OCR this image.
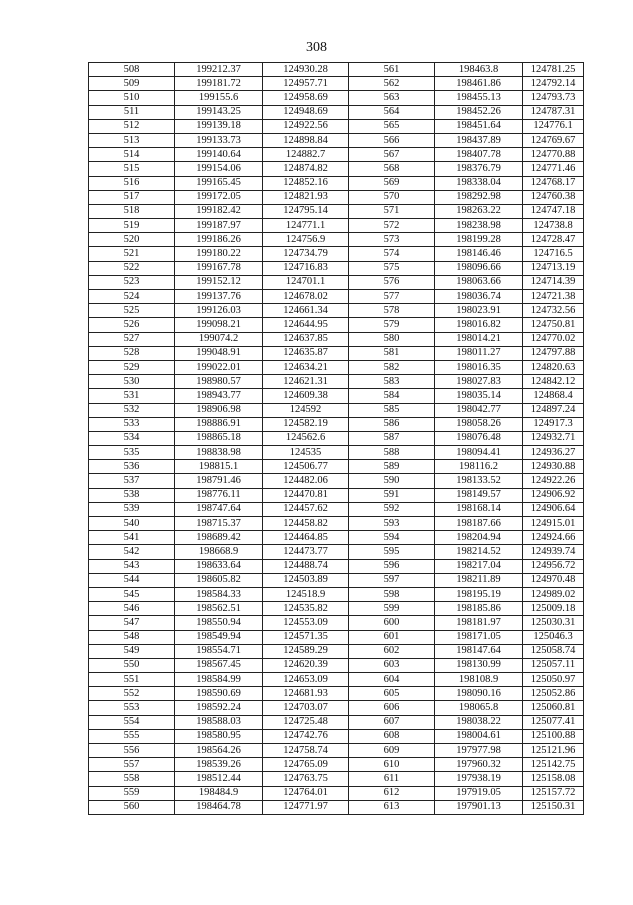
308
508	199212.37	124930.28	561	198463.8	124781.25
509	199181.72	124957.71	562	198461.86	124792.14
510	199155.6	124958.69	563	198455.13	124793.73
511	199143.25	124948.69	564	198452.26	124787.31
512	199139.18	124922.56	565	198451.64	124776.1
513	199133.73	124898.84	566	198437.89	124769.67
514	199140.64	124882.7	567	198407.78	124770.88
515	199154.06	124874.82	568	198376.79	124771.46
516	199165.45	124852.16	569	198338.04	124768.17
517	199172.05	124821.93	570	198292.98	124760.38
518	199182.42	124795.14	571	198263.22	124747.18
519	199187.97	124771.1	572	198238.98	124738.8
520	199186.26	124756.9	573	198199.28	124728.47
521	199180.22	124734.79	574	198146.46	124716.5
522	199167.78	124716.83	575	198096.66	124713.19
523	199152.12	124701.1	576	198063.66	124714.39
524	199137.76	124678.02	577	198036.74	124721.38
525	199126.03	124661.34	578	198023.91	124732.56
526	199098.21	124644.95	579	198016.82	124750.81
527	199074.2	124637.85	580	198014.21	124770.02
528	199048.91	124635.87	581	198011.27	124797.88
529	199022.01	124634.21	582	198016.35	124820.63
530	198980.57	124621.31	583	198027.83	124842.12
531	198943.77	124609.38	584	198035.14	124868.4
532	198906.98	124592	585	198042.77	124897.24
533	198886.91	124582.19	586	198058.26	124917.3
534	198865.18	124562.6	587	198076.48	124932.71
535	198838.98	124535	588	198094.41	124936.27
536	198815.1	124506.77	589	198116.2	124930.88
537	198791.46	124482.06	590	198133.52	124922.26
538	198776.11	124470.81	591	198149.57	124906.92
539	198747.64	124457.62	592	198168.14	124906.64
540	198715.37	124458.82	593	198187.66	124915.01
541	198689.42	124464.85	594	198204.94	124924.66
542	198668.9	124473.77	595	198214.52	124939.74
543	198633.64	124488.74	596	198217.04	124956.72
544	198605.82	124503.89	597	198211.89	124970.48
545	198584.33	124518.9	598	198195.19	124989.02
546	198562.51	124535.82	599	198185.86	125009.18
547	198550.94	124553.09	600	198181.97	125030.31
548	198549.94	124571.35	601	198171.05	125046.3
549	198554.71	124589.29	602	198147.64	125058.74
550	198567.45	124620.39	603	198130.99	125057.11
551	198584.99	124653.09	604	198108.9	125050.97
552	198590.69	124681.93	605	198090.16	125052.86
553	198592.24	124703.07	606	198065.8	125060.81
554	198588.03	124725.48	607	198038.22	125077.41
555	198580.95	124742.76	608	198004.61	125100.88
556	198564.26	124758.74	609	197977.98	125121.96
557	198539.26	124765.09	610	197960.32	125142.75
558	198512.44	124763.75	611	197938.19	125158.08
559	198484.9	124764.01	612	197919.05	125157.72
560	198464.78	124771.97	613	197901.13	125150.31
